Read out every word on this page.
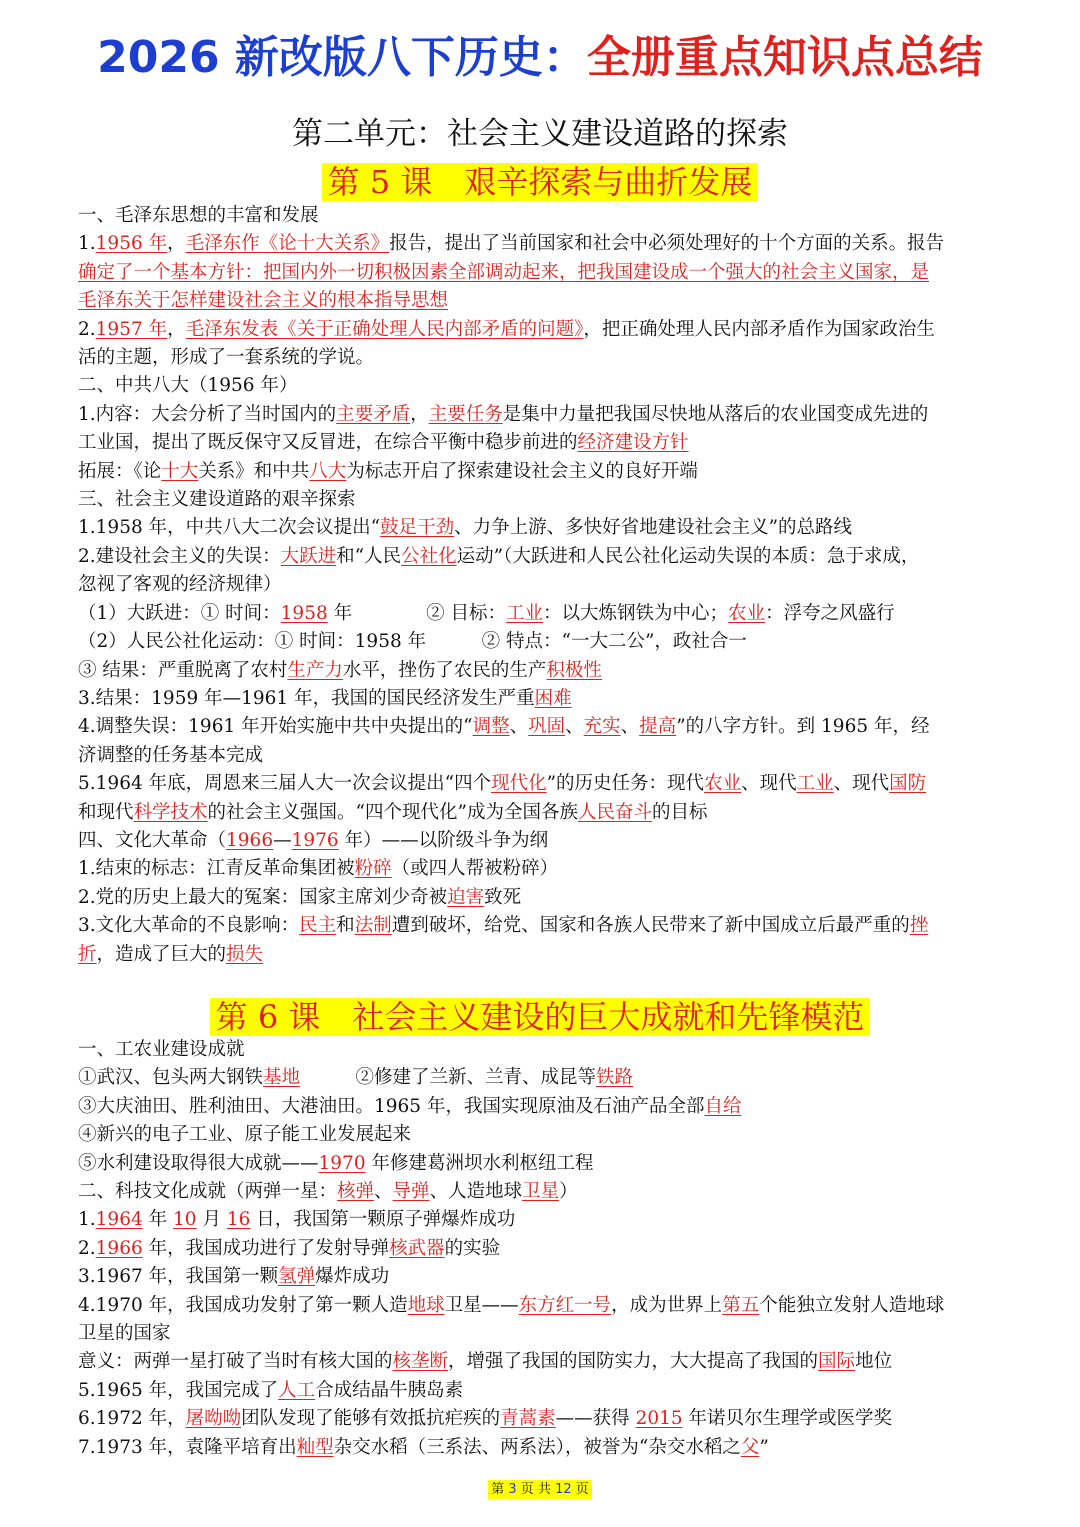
2026 新改版八下历史：全册重点知识点总结
第二单元：社会主义建设道路的探索
第 5 课　艰辛探索与曲折发展

一、毛泽东思想的丰富和发展

1.1956 年，毛泽东作《论十大关系》报告，提出了当前国家和社会中必须处理好的十个方面的关系。报告

确定了一个基本方针：把国内外一切积极因素全部调动起来，把我国建设成一个强大的社会主义国家，是

毛泽东关于怎样建设社会主义的根本指导思想

2.1957 年，毛泽东发表《关于正确处理人民内部矛盾的问题》，把正确处理人民内部矛盾作为国家政治生

活的主题，形成了一套系统的学说。

二、中共八大（1956 年）

1.内容：大会分析了当时国内的主要矛盾，主要任务是集中力量把我国尽快地从落后的农业国变成先进的

工业国，提出了既反保守又反冒进，在综合平衡中稳步前进的经济建设方针

拓展：《论十大关系》和中共八大为标志开启了探索建设社会主义的良好开端

三、社会主义建设道路的艰辛探索

1.1958 年，中共八大二次会议提出“鼓足干劲、力争上游、多快好省地建设社会主义”的总路线

2.建设社会主义的失误：大跃进和“人民公社化运动”（大跃进和人民公社化运动失误的本质：急于求成，

忽视了客观的经济规律）

（1）大跃进：① 时间：1958 年　　　　② 目标：工业：以大炼钢铁为中心；农业：浮夸之风盛行

（2）人民公社化运动：① 时间：1958 年　　　② 特点：“一大二公”，政社合一

③ 结果：严重脱离了农村生产力水平，挫伤了农民的生产积极性

3.结果：1959 年—1961 年，我国的国民经济发生严重困难

4.调整失误：1961 年开始实施中共中央提出的“调整、巩固、充实、提高”的八字方针。到 1965 年，经

济调整的任务基本完成

5.1964 年底，周恩来三届人大一次会议提出“四个现代化”的历史任务：现代农业、现代工业、现代国防

和现代科学技术的社会主义强国。“四个现代化”成为全国各族人民奋斗的目标

四、文化大革命（1966—1976 年）——以阶级斗争为纲

1.结束的标志：江青反革命集团被粉碎（或四人帮被粉碎）

2.党的历史上最大的冤案：国家主席刘少奇被迫害致死

3.文化大革命的不良影响：民主和法制遭到破坏，给党、国家和各族人民带来了新中国成立后最严重的挫

折，造成了巨大的损失

第 6 课　社会主义建设的巨大成就和先锋模范

一、工农业建设成就

①武汉、包头两大钢铁基地　　　②修建了兰新、兰青、成昆等铁路

③大庆油田、胜利油田、大港油田。1965 年，我国实现原油及石油产品全部自给

④新兴的电子工业、原子能工业发展起来

⑤水利建设取得很大成就——1970 年修建葛洲坝水利枢纽工程

二、科技文化成就（两弹一星：核弹、导弹、人造地球卫星）

1.1964 年 10 月 16 日，我国第一颗原子弹爆炸成功

2.1966 年，我国成功进行了发射导弹核武器的实验

3.1967 年，我国第一颗氢弹爆炸成功

4.1970 年，我国成功发射了第一颗人造地球卫星——东方红一号，成为世界上第五个能独立发射人造地球

卫星的国家

意义：两弹一星打破了当时有核大国的核垄断，增强了我国的国防实力，大大提高了我国的国际地位

5.1965 年，我国完成了人工合成结晶牛胰岛素

6.1972 年，屠呦呦团队发现了能够有效抵抗疟疾的青蒿素——获得 2015 年诺贝尔生理学或医学奖

7.1973 年，袁隆平培育出籼型杂交水稻（三系法、两系法），被誉为“杂交水稻之父”

第 3 页 共 12 页
